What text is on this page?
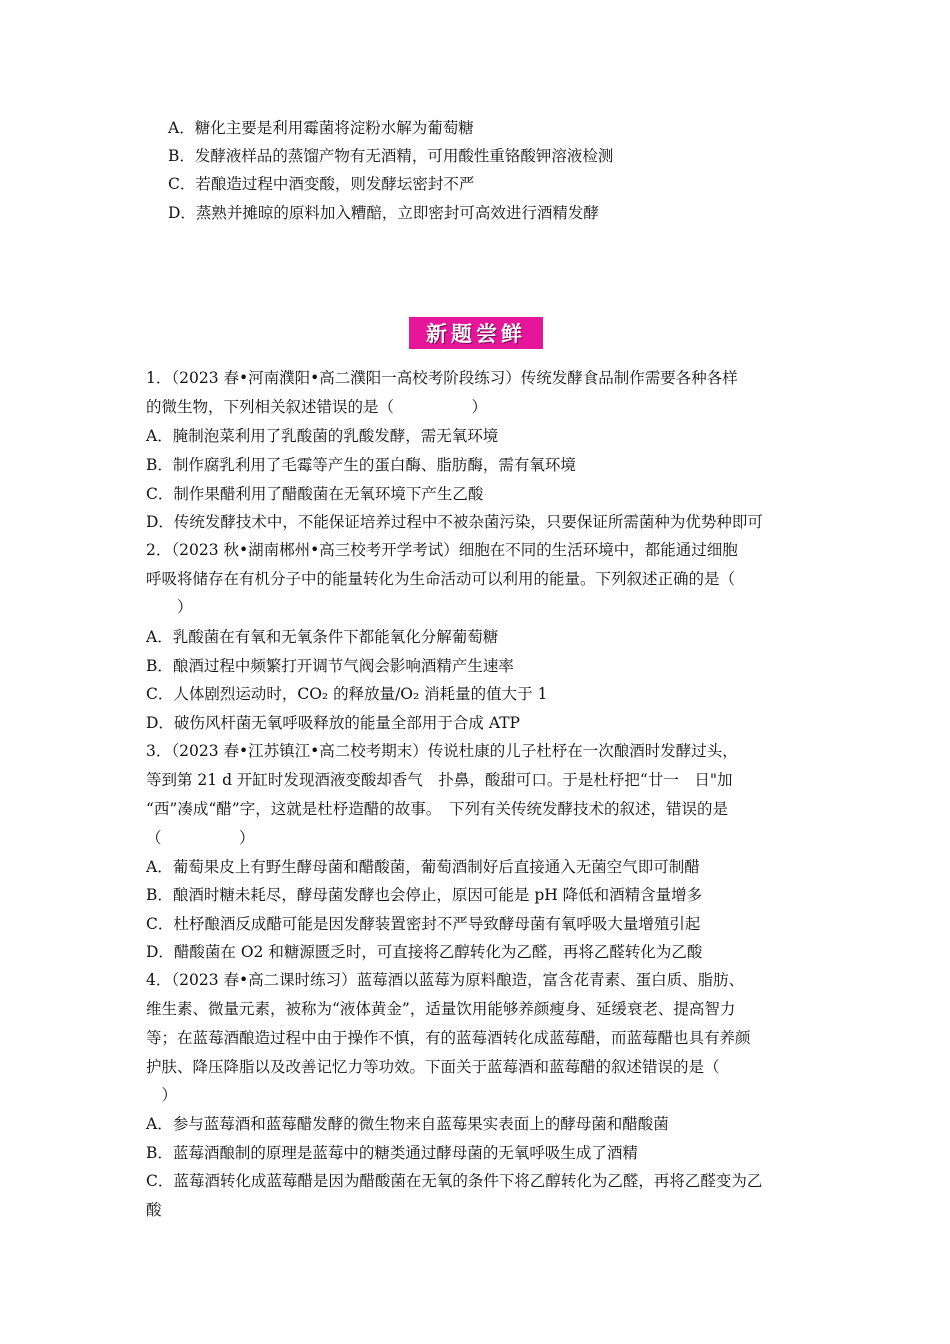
A．糖化主要是利用霉菌将淀粉水解为葡萄糖
B．发酵液样品的蒸馏产物有无酒精，可用酸性重铬酸钾溶液检测
C．若酿造过程中酒变酸，则发酵坛密封不严
D．蒸熟并摊晾的原料加入糟醅，立即密封可高效进行酒精发酵
新题尝鲜
1．（2023 春•河南濮阳•高二濮阳一高校考阶段练习）传统发酵食品制作需要各种各样
的微生物，下列相关叙述错误的是（　　　　　）
A．腌制泡菜利用了乳酸菌的乳酸发酵，需无氧环境
B．制作腐乳利用了毛霉等产生的蛋白酶、脂肪酶，需有氧环境
C．制作果醋利用了醋酸菌在无氧环境下产生乙酸
D．传统发酵技术中，不能保证培养过程中不被杂菌污染，只要保证所需菌种为优势种即可
2．（2023 秋•湖南郴州•高三校考开学考试）细胞在不同的生活环境中，都能通过细胞
呼吸将储存在有机分子中的能量转化为生命活动可以利用的能量。下列叙述正确的是（
　　）
A．乳酸菌在有氧和无氧条件下都能氧化分解葡萄糖
B．酿酒过程中频繁打开调节气阀会影响酒精产生速率
C．人体剧烈运动时，CO₂ 的释放量/O₂ 消耗量的值大于 1
D．破伤风杆菌无氧呼吸释放的能量全部用于合成 ATP
3．（2023 春•江苏镇江•高二校考期末）传说杜康的儿子杜杼在一次酿酒时发酵过头，
等到第 21 d 开缸时发现酒液变酸却香气　扑鼻，酸甜可口。于是杜杼把“廿一　日"加
“西”凑成“醋”字，这就是杜杼造醋的故事。　下列有关传统发酵技术的叙述，错误的是
（　　　　　）
A．葡萄果皮上有野生酵母菌和醋酸菌，葡萄酒制好后直接通入无菌空气即可制醋
B．酿酒时糖未耗尽，酵母菌发酵也会停止，原因可能是 pH 降低和酒精含量增多
C．杜杼酿酒反成醋可能是因发酵装置密封不严导致酵母菌有氧呼吸大量增殖引起
D．醋酸菌在 O2 和糖源匮乏时，可直接将乙醇转化为乙醛，再将乙醛转化为乙酸
4．（2023 春•高二课时练习）蓝莓酒以蓝莓为原料酿造，富含花青素、蛋白质、脂肪、
维生素、微量元素，被称为“液体黄金”，适量饮用能够养颜瘦身、延缓衰老、提高智力
等；在蓝莓酒酿造过程中由于操作不慎，有的蓝莓酒转化成蓝莓醋，而蓝莓醋也具有养颜
护肤、降压降脂以及改善记忆力等功效。下面关于蓝莓酒和蓝莓醋的叙述错误的是（
　）
A．参与蓝莓酒和蓝莓醋发酵的微生物来自蓝莓果实表面上的酵母菌和醋酸菌
B．蓝莓酒酿制的原理是蓝莓中的糖类通过酵母菌的无氧呼吸生成了酒精
C．蓝莓酒转化成蓝莓醋是因为醋酸菌在无氧的条件下将乙醇转化为乙醛，再将乙醛变为乙
酸
